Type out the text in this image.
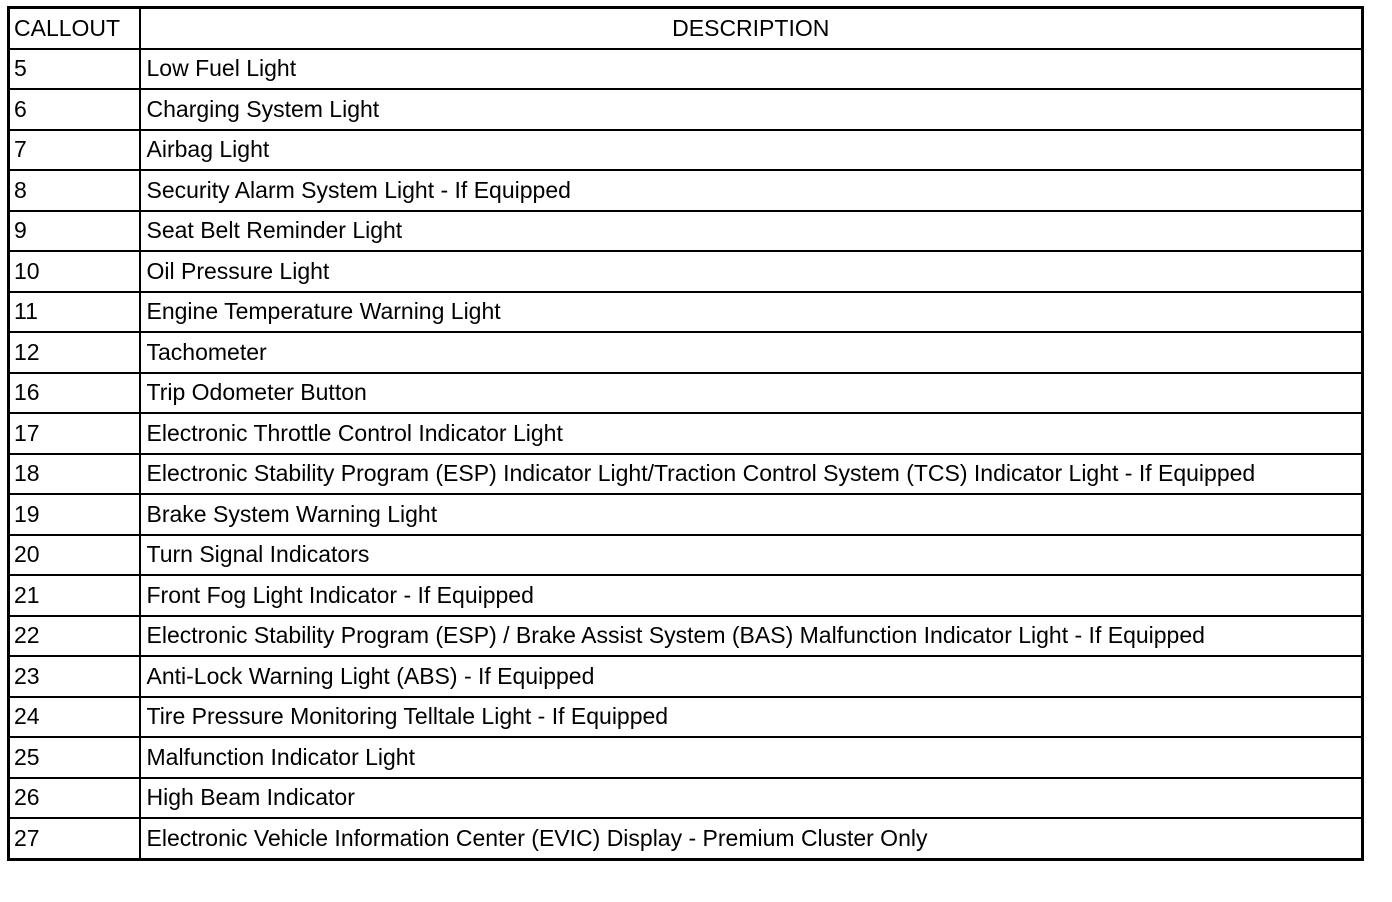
CALLOUT	DESCRIPTION
5	Low Fuel Light
6	Charging System Light
7	Airbag Light
8	Security Alarm System Light - If Equipped
9	Seat Belt Reminder Light
10	Oil Pressure Light
11	Engine Temperature Warning Light
12	Tachometer
16	Trip Odometer Button
17	Electronic Throttle Control Indicator Light
18	Electronic Stability Program (ESP) Indicator Light/Traction Control System (TCS) Indicator Light - If Equipped
19	Brake System Warning Light
20	Turn Signal Indicators
21	Front Fog Light Indicator - If Equipped
22	Electronic Stability Program (ESP) / Brake Assist System (BAS) Malfunction Indicator Light - If Equipped
23	Anti-Lock Warning Light (ABS) - If Equipped
24	Tire Pressure Monitoring Telltale Light - If Equipped
25	Malfunction Indicator Light
26	High Beam Indicator
27	Electronic Vehicle Information Center (EVIC) Display - Premium Cluster Only
